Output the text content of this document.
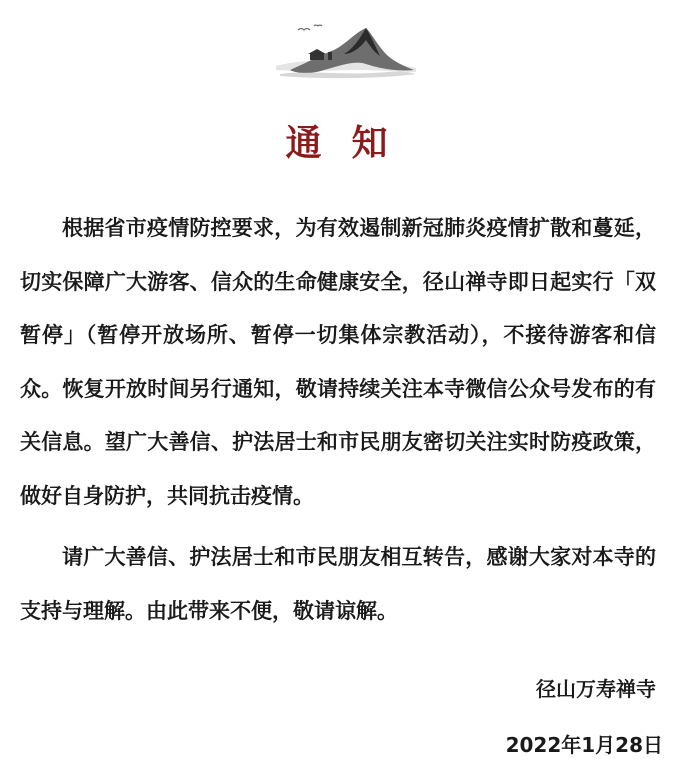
通知

根据省市疫情防控要求，为有效遏制新冠肺炎疫情扩散和蔓延，切实保障广大游客、信众的生命健康安全，径山禅寺即日起实行「双暂停」（暂停开放场所、暂停一切集体宗教活动），不接待游客和信众。恢复开放时间另行通知，敬请持续关注本寺微信公众号发布的有关信息。望广大善信、护法居士和市民朋友密切关注实时防疫政策，做好自身防护，共同抗击疫情。

请广大善信、护法居士和市民朋友相互转告，感谢大家对本寺的支持与理解。由此带来不便，敬请谅解。

径山万寿禅寺
2022年1月28日
